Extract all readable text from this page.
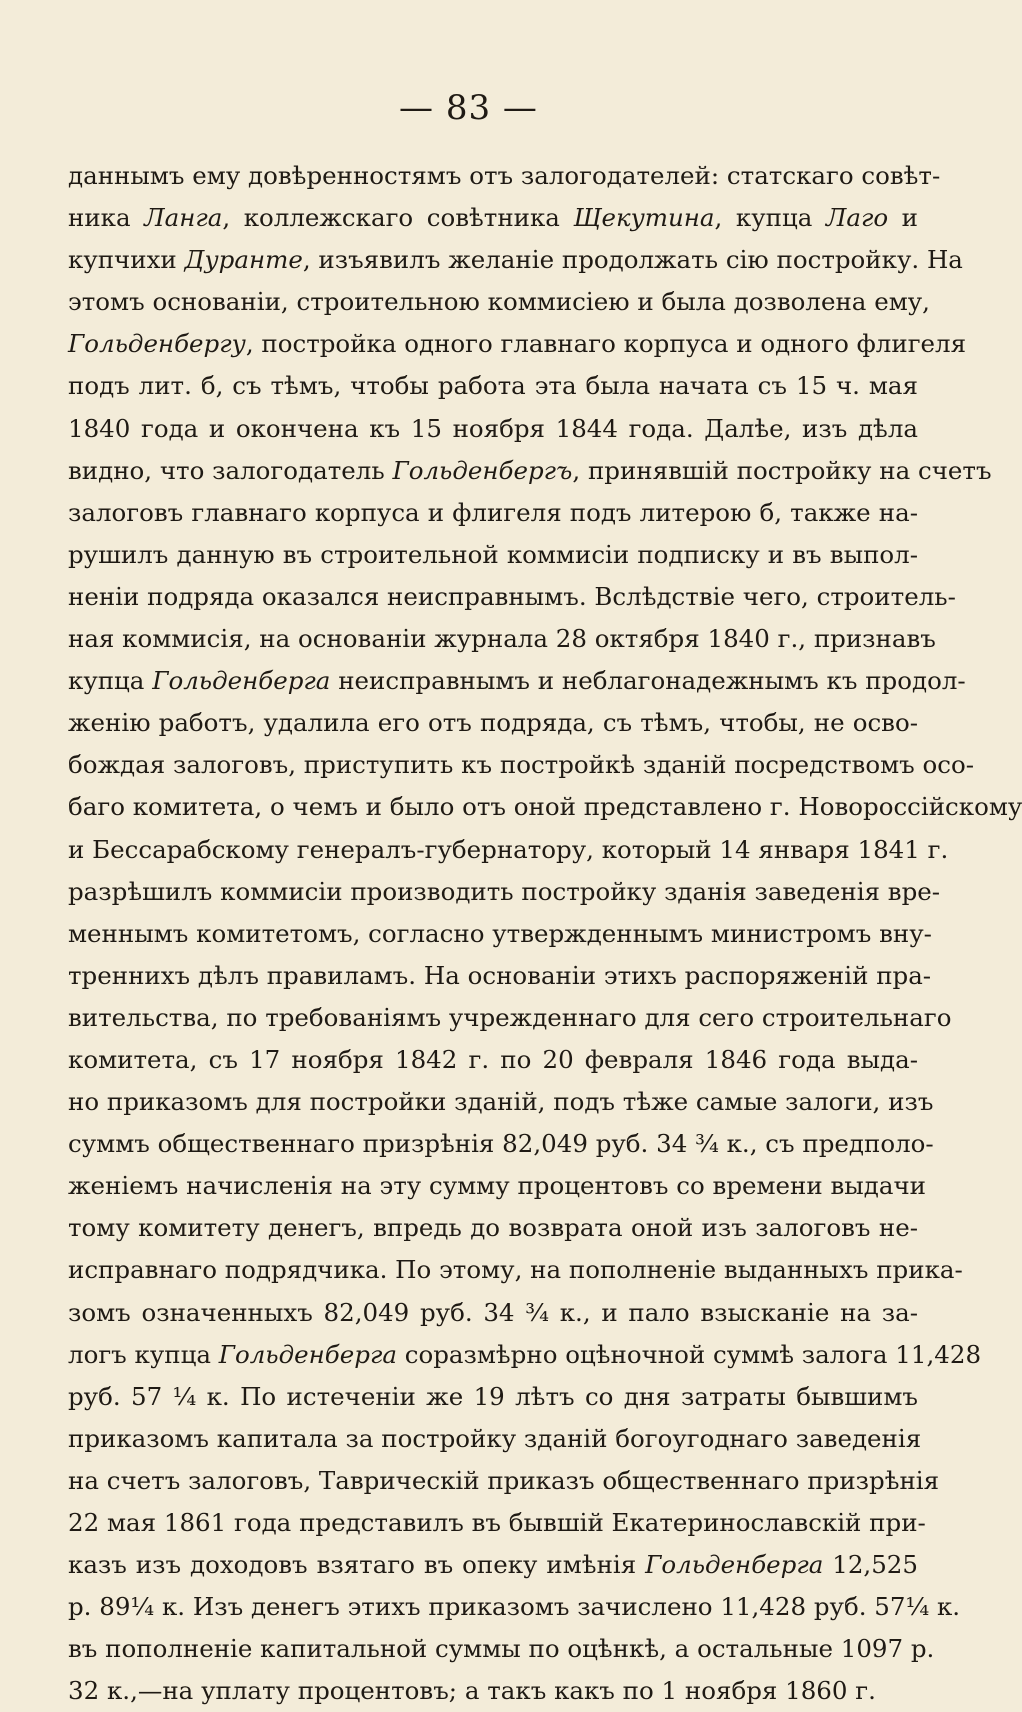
— 83 —
даннымъ ему довѣренностямъ отъ залогодателей: статскаго совѣт-
ника Ланга, коллежскаго совѣтника Щекутина, купца Лаго и
купчихи Дуранте, изъявилъ желаніе продолжать сію постройку. На
этомъ основаніи, строительною коммисіею и была дозволена ему,
Гольденбергу, постройка одного главнаго корпуса и одного флигеля
подъ лит. б, съ тѣмъ, чтобы работа эта была начата съ 15 ч. мая
1840 года и окончена къ 15 ноября 1844 года. Далѣе, изъ дѣла
видно, что залогодатель Гольденбергъ, принявшій постройку на счетъ
залоговъ главнаго корпуса и флигеля подъ литерою б, также на-
рушилъ данную въ строительной коммисіи подписку и въ выпол-
неніи подряда оказался неисправнымъ. Вслѣдствіе чего, строитель-
ная коммисія, на основаніи журнала 28 октября 1840 г., признавъ
купца Гольденберга неисправнымъ и неблагонадежнымъ къ продол-
женію работъ, удалила его отъ подряда, съ тѣмъ, чтобы, не осво-
бождая залоговъ, приступить къ постройкѣ зданій посредствомъ осо-
баго комитета, о чемъ и было отъ оной представлено г. Новороссійскому
и Бессарабскому генералъ-губернатору, который 14 января 1841 г.
разрѣшилъ коммисіи производить постройку зданія заведенія вре-
меннымъ комитетомъ, согласно утвержденнымъ министромъ вну-
треннихъ дѣлъ правиламъ. На основаніи этихъ распоряженій пра-
вительства, по требованіямъ учрежденнаго для сего строительнаго
комитета, съ 17 ноября 1842 г. по 20 февраля 1846 года выда-
но приказомъ для постройки зданій, подъ тѣже самые залоги, изъ
суммъ общественнаго призрѣнія 82,049 руб. 34 ¾ к., съ предполо-
женіемъ начисленія на эту сумму процентовъ со времени выдачи
тому комитету денегъ, впредь до возврата оной изъ залоговъ не-
исправнаго подрядчика. По этому, на пополненіе выданныхъ прика-
зомъ означенныхъ 82,049 руб. 34 ¾ к., и пало взысканіе на за-
логъ купца Гольденберга соразмѣрно оцѣночной суммѣ залога 11,428
руб. 57 ¼ к. По истеченіи же 19 лѣтъ со дня затраты бывшимъ
приказомъ капитала за постройку зданій богоугоднаго заведенія
на счетъ залоговъ, Таврическій приказъ общественнаго призрѣнія
22 мая 1861 года представилъ въ бывшій Екатеринославскій при-
казъ изъ доходовъ взятаго въ опеку имѣнія Гольденберга 12,525
р. 89¼ к. Изъ денегъ этихъ приказомъ зачислено 11,428 руб. 57¼ к.
въ пополненіе капитальной суммы по оцѣнкѣ, а остальные 1097 р.
32 к.,—на уплату процентовъ; а такъ какъ по 1 ноября 1860 г.
